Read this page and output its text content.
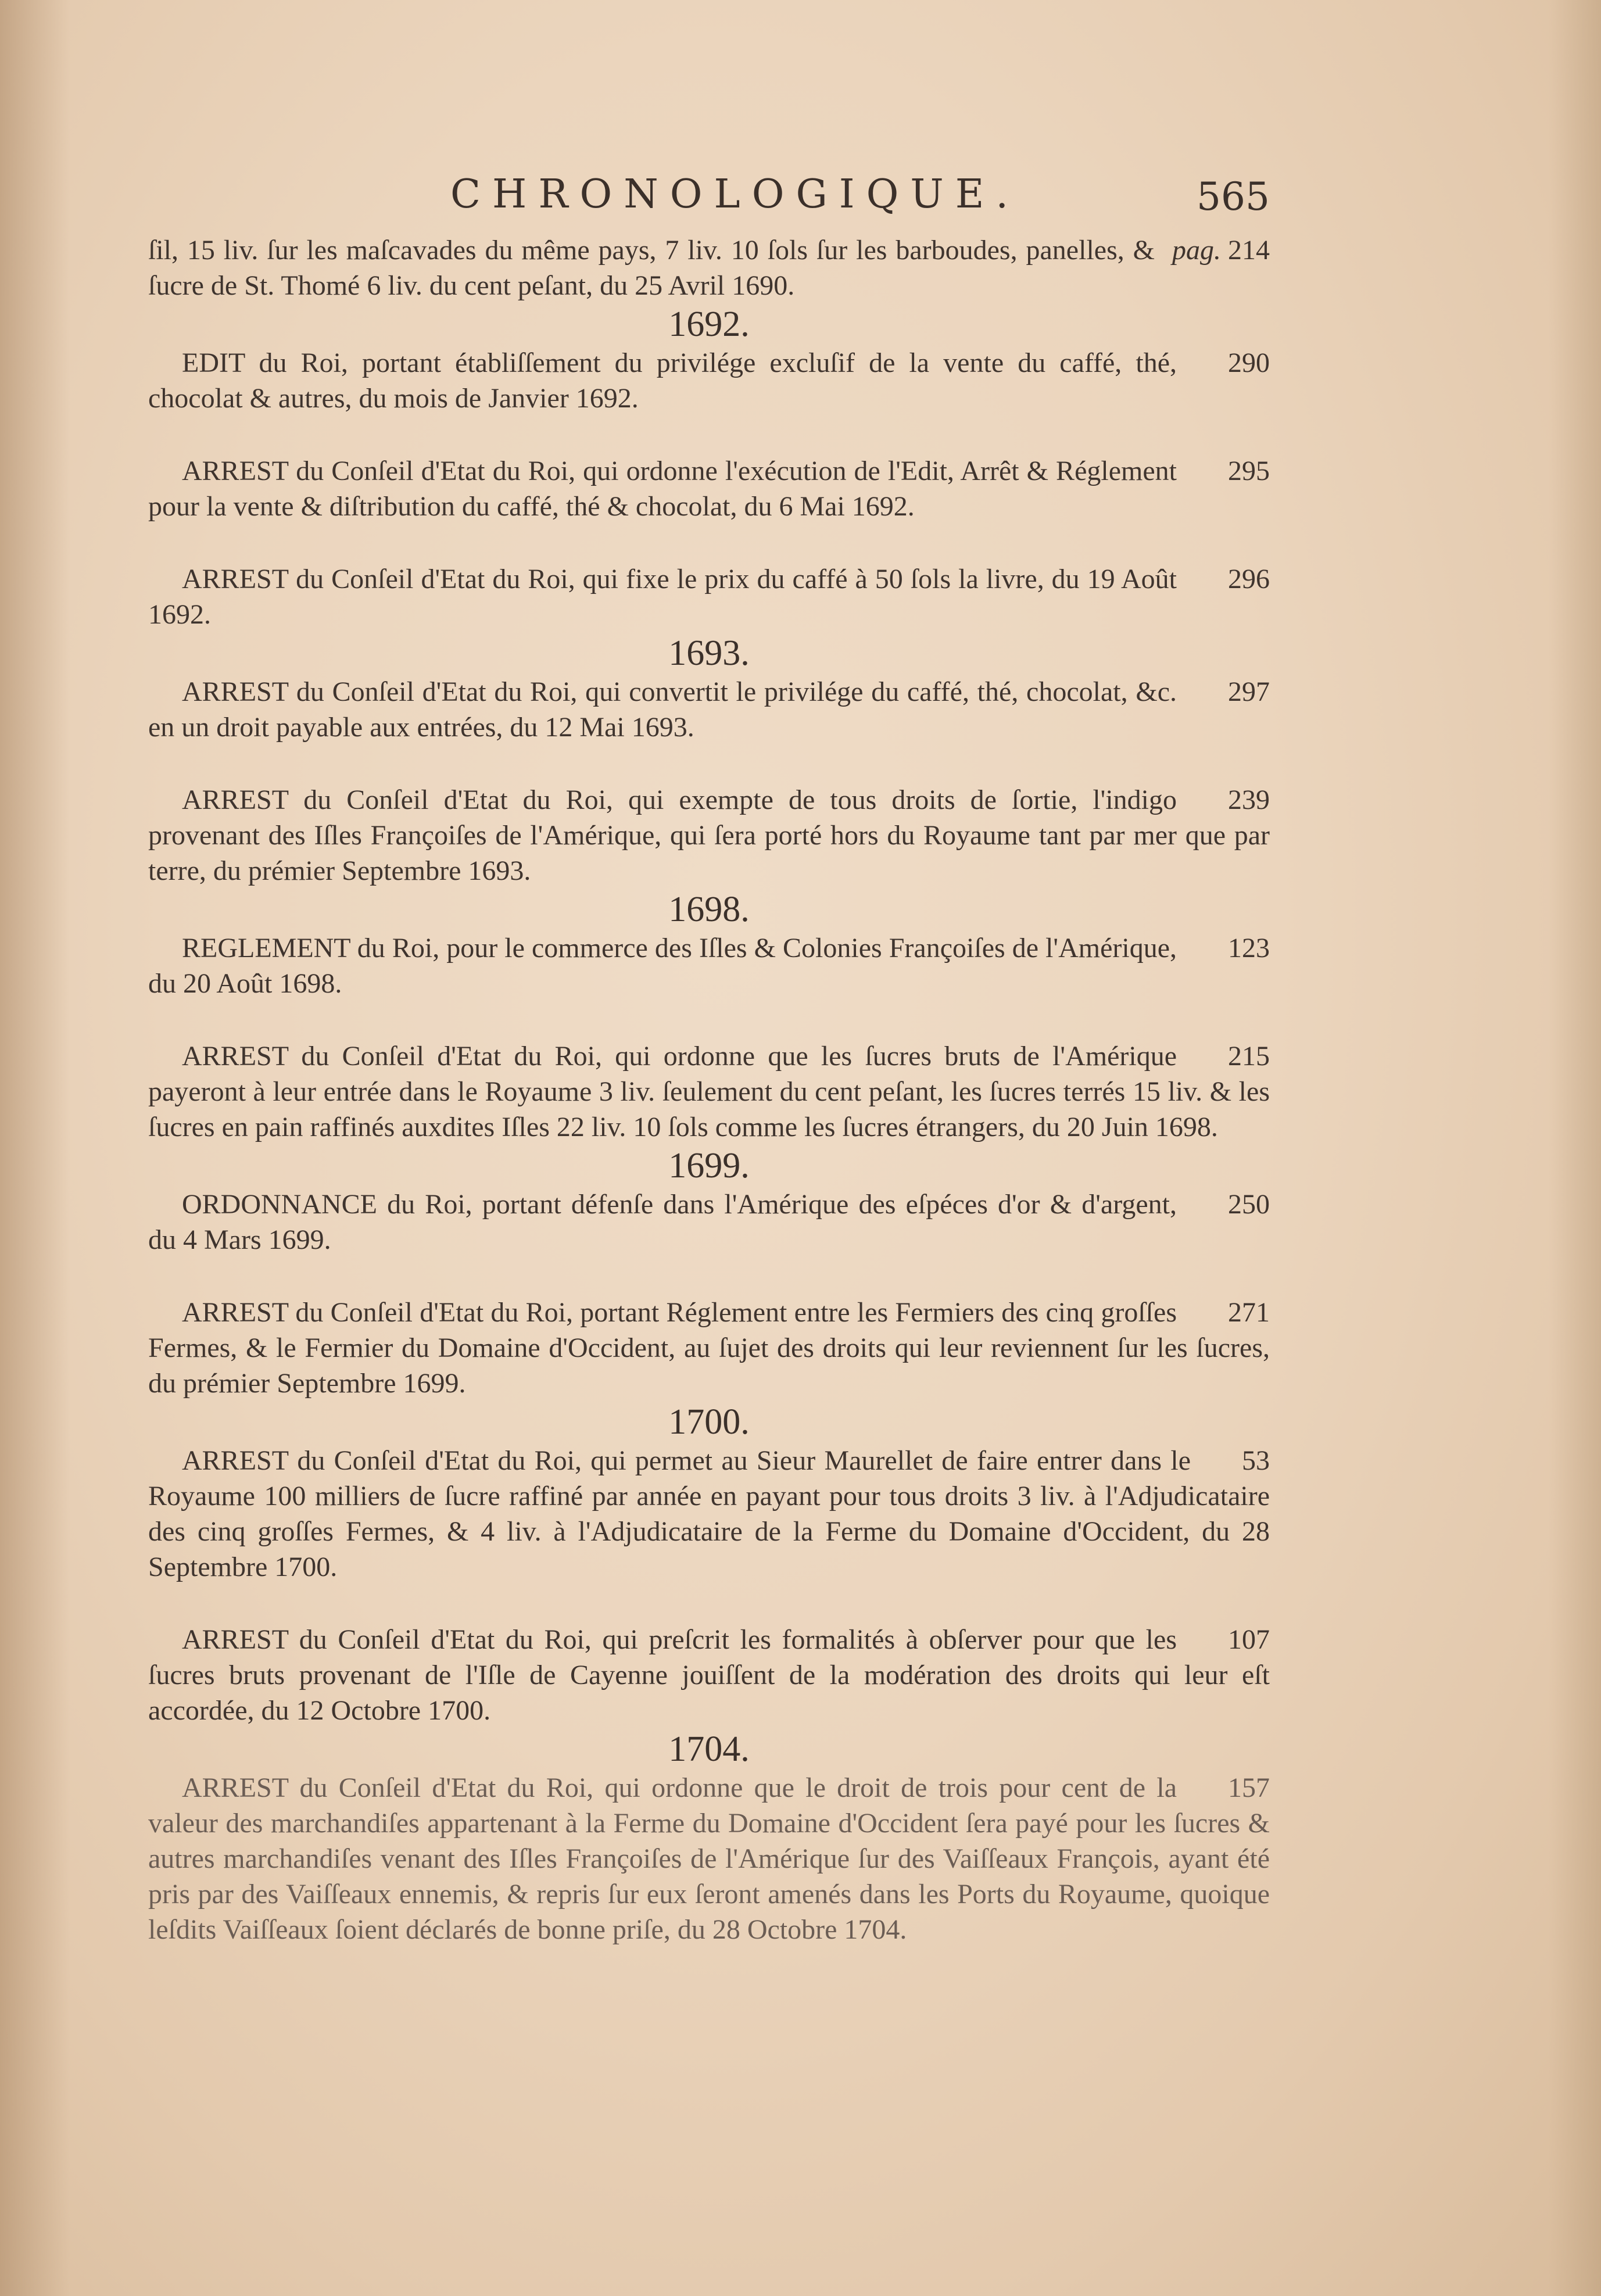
CHRONOLOGIQUE.	565

pag. 214
ſil, 15 liv. ſur les maſcavades du même pays, 7 liv. 10 ſols ſur les barboudes, panelles, & ſucre de St. Thomé 6 liv. du cent peſant, du 25 Avril 1690.

1692.

290
EDIT du Roi, portant établiſſement du privilége excluſif de la vente du caffé, thé, chocolat & autres, du mois de Janvier 1692.

295
ARREST du Conſeil d'Etat du Roi, qui ordonne l'exécution de l'Edit, Arrêt & Réglement pour la vente & diſtribution du caffé, thé & chocolat, du 6 Mai 1692.

296
ARREST du Conſeil d'Etat du Roi, qui fixe le prix du caffé à 50 ſols la livre, du 19 Août 1692.

1693.

297
ARREST du Conſeil d'Etat du Roi, qui convertit le privilége du caffé, thé, chocolat, &c. en un droit payable aux entrées, du 12 Mai 1693.

239
ARREST du Conſeil d'Etat du Roi, qui exempte de tous droits de ſortie, l'indigo provenant des Iſles Françoiſes de l'Amérique, qui ſera porté hors du Royaume tant par mer que par terre, du prémier Septembre 1693.

1698.

123
REGLEMENT du Roi, pour le commerce des Iſles & Colonies Françoiſes de l'Amérique, du 20 Août 1698.

215
ARREST du Conſeil d'Etat du Roi, qui ordonne que les ſucres bruts de l'Amérique payeront à leur entrée dans le Royaume 3 liv. ſeulement du cent peſant, les ſucres terrés 15 liv. & les ſucres en pain raffinés auxdites Iſles 22 liv. 10 ſols comme les ſucres étrangers, du 20 Juin 1698.

1699.

250
ORDONNANCE du Roi, portant défenſe dans l'Amérique des eſpéces d'or & d'argent, du 4 Mars 1699.

271
ARREST du Conſeil d'Etat du Roi, portant Réglement entre les Fermiers des cinq groſſes Fermes, & le Fermier du Domaine d'Occident, au ſujet des droits qui leur reviennent ſur les ſucres, du prémier Septembre 1699.

1700.

53
ARREST du Conſeil d'Etat du Roi, qui permet au Sieur Maurellet de faire entrer dans le Royaume 100 milliers de ſucre raffiné par année en payant pour tous droits 3 liv. à l'Adjudicataire des cinq groſſes Fermes, & 4 liv. à l'Adjudicataire de la Ferme du Domaine d'Occident, du 28 Septembre 1700.

107
ARREST du Conſeil d'Etat du Roi, qui preſcrit les formalités à obſerver pour que les ſucres bruts provenant de l'Iſle de Cayenne jouiſſent de la modération des droits qui leur eſt accordée, du 12 Octobre 1700.

1704.

157
ARREST du Conſeil d'Etat du Roi, qui ordonne que le droit de trois pour cent de la valeur des marchandiſes appartenant à la Ferme du Domaine d'Occident ſera payé pour les ſucres & autres marchandiſes venant des Iſles Françoiſes de l'Amérique ſur des Vaiſſeaux François, ayant été pris par des Vaiſſeaux ennemis, & repris ſur eux ſeront amenés dans les Ports du Royaume, quoique leſdits Vaiſſeaux ſoient déclarés de bonne priſe, du 28 Octobre 1704.
